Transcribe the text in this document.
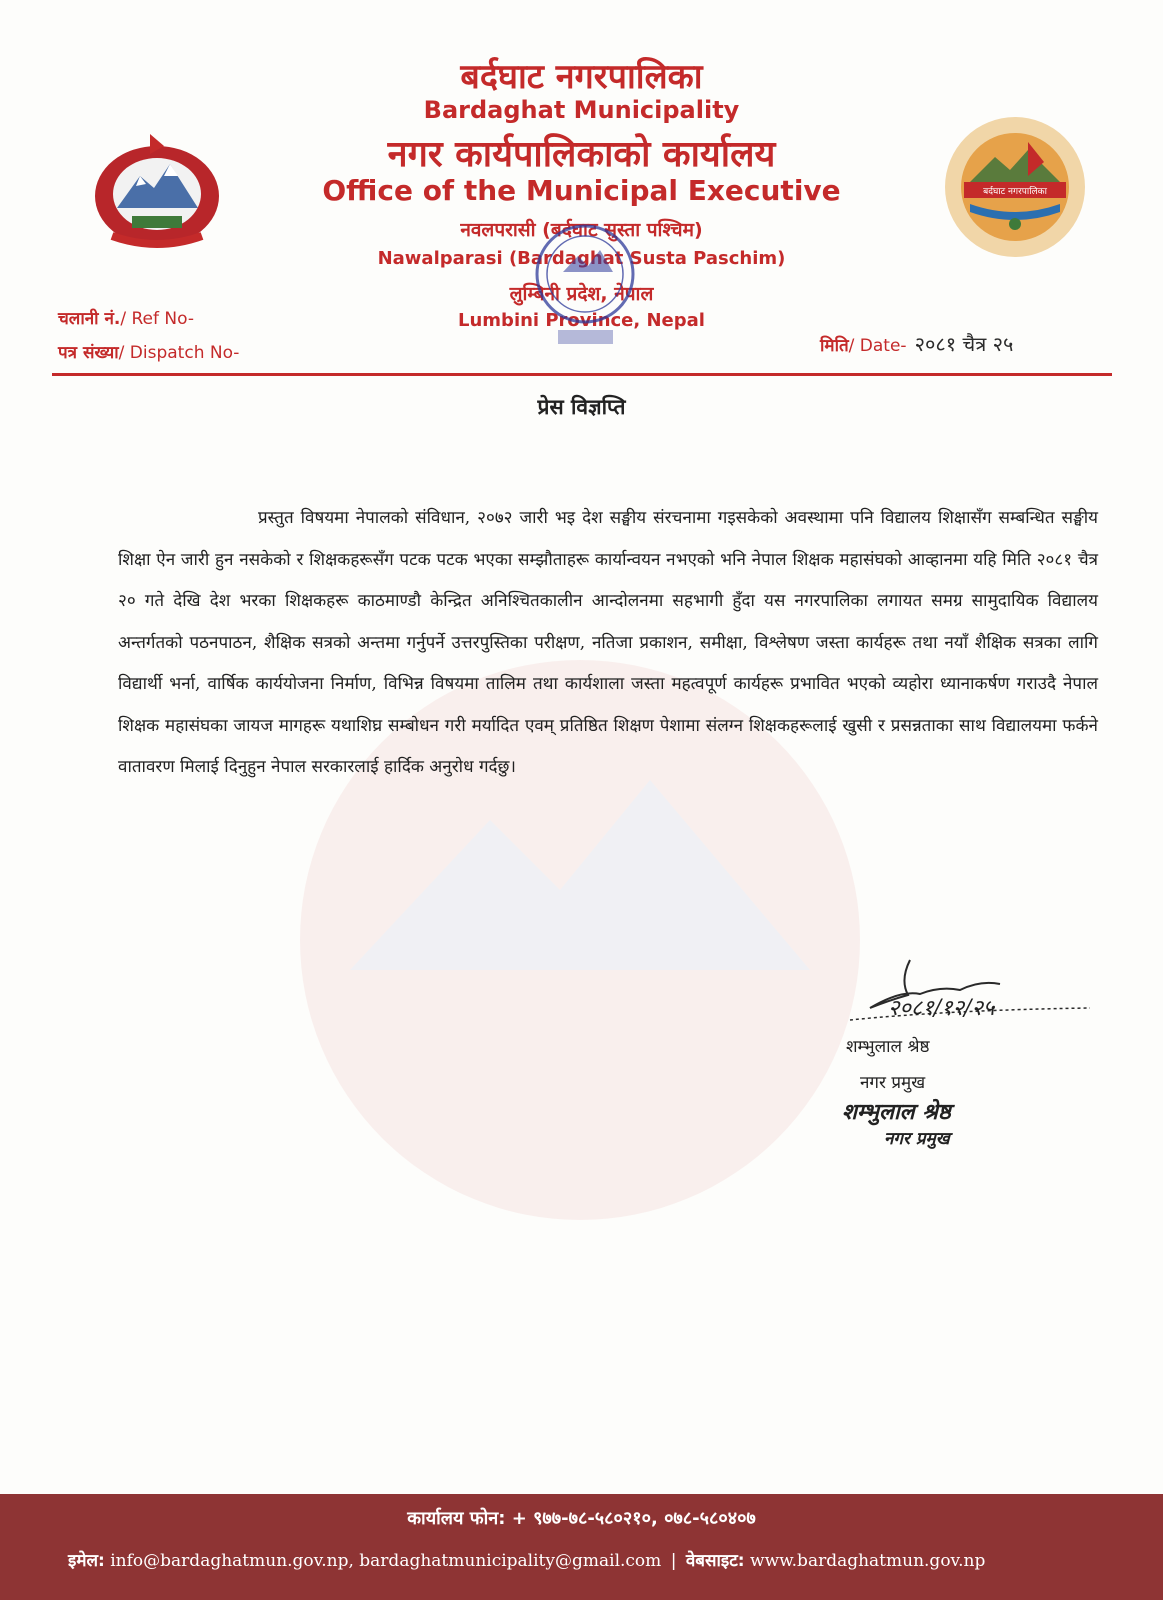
बर्दघाट नगरपालिका
बर्दघाट नगरपालिका
Bardaghat Municipality
नगर कार्यपालिकाको कार्यालय
Office of the Municipal Executive
नवलपरासी (बर्दघाट सुस्ता पश्चिम)
Nawalparasi (Bardaghat Susta Paschim)
लुम्बिनी प्रदेश, नेपाल
Lumbini Province, Nepal
चलानी नं./ Ref No-
पत्र संख्या/ Dispatch No-	मिति/ Date- २०८१ चैत्र २५
प्रेस विज्ञप्ति
प्रस्तुत विषयमा नेपालको संविधान, २०७२ जारी भइ देश सङ्घीय संरचनामा गइसकेको अवस्थामा पनि विद्यालय शिक्षासँग सम्बन्धित सङ्घीय शिक्षा ऐन जारी हुन नसकेको र शिक्षकहरूसँग पटक पटक भएका सम्झौताहरू कार्यान्वयन नभएको भनि नेपाल शिक्षक महासंघको आव्हानमा यहि मिति २०८१ चैत्र २० गते देखि देश भरका शिक्षकहरू काठमाण्डौ केन्द्रित अनिश्चितकालीन आन्दोलनमा सहभागी हुँदा यस नगरपालिका लगायत समग्र सामुदायिक विद्यालय अन्तर्गतको पठनपाठन, शैक्षिक सत्रको अन्तमा गर्नुपर्ने उत्तरपुस्तिका परीक्षण, नतिजा प्रकाशन, समीक्षा, विश्लेषण जस्ता कार्यहरू तथा नयाँ शैक्षिक सत्रका लागि विद्यार्थी भर्ना, वार्षिक कार्ययोजना निर्माण, विभिन्न विषयमा तालिम तथा कार्यशाला जस्ता महत्वपूर्ण कार्यहरू प्रभावित भएको व्यहोरा ध्यानाकर्षण गराउदै नेपाल शिक्षक महासंघका जायज मागहरू यथाशिघ्र सम्बोधन गरी मर्यादित एवम् प्रतिष्ठित शिक्षण पेशामा संलग्न शिक्षकहरूलाई खुसी र प्रसन्नताका साथ विद्यालयमा फर्कने वातावरण मिलाई दिनुहुन नेपाल सरकारलाई हार्दिक अनुरोध गर्दछु।
२०८१/१२/२५
शम्भुलाल श्रेष्ठ
नगर प्रमुख
शम्भुलाल श्रेष्ठ
नगर प्रमुख
कार्यालय फोन: + ९७७-७८-५८०२१०, ०७८-५८०४०७
इमेल: info@bardaghatmun.gov.np, bardaghatmunicipality@gmail.com | वेबसाइट: www.bardaghatmun.gov.np
